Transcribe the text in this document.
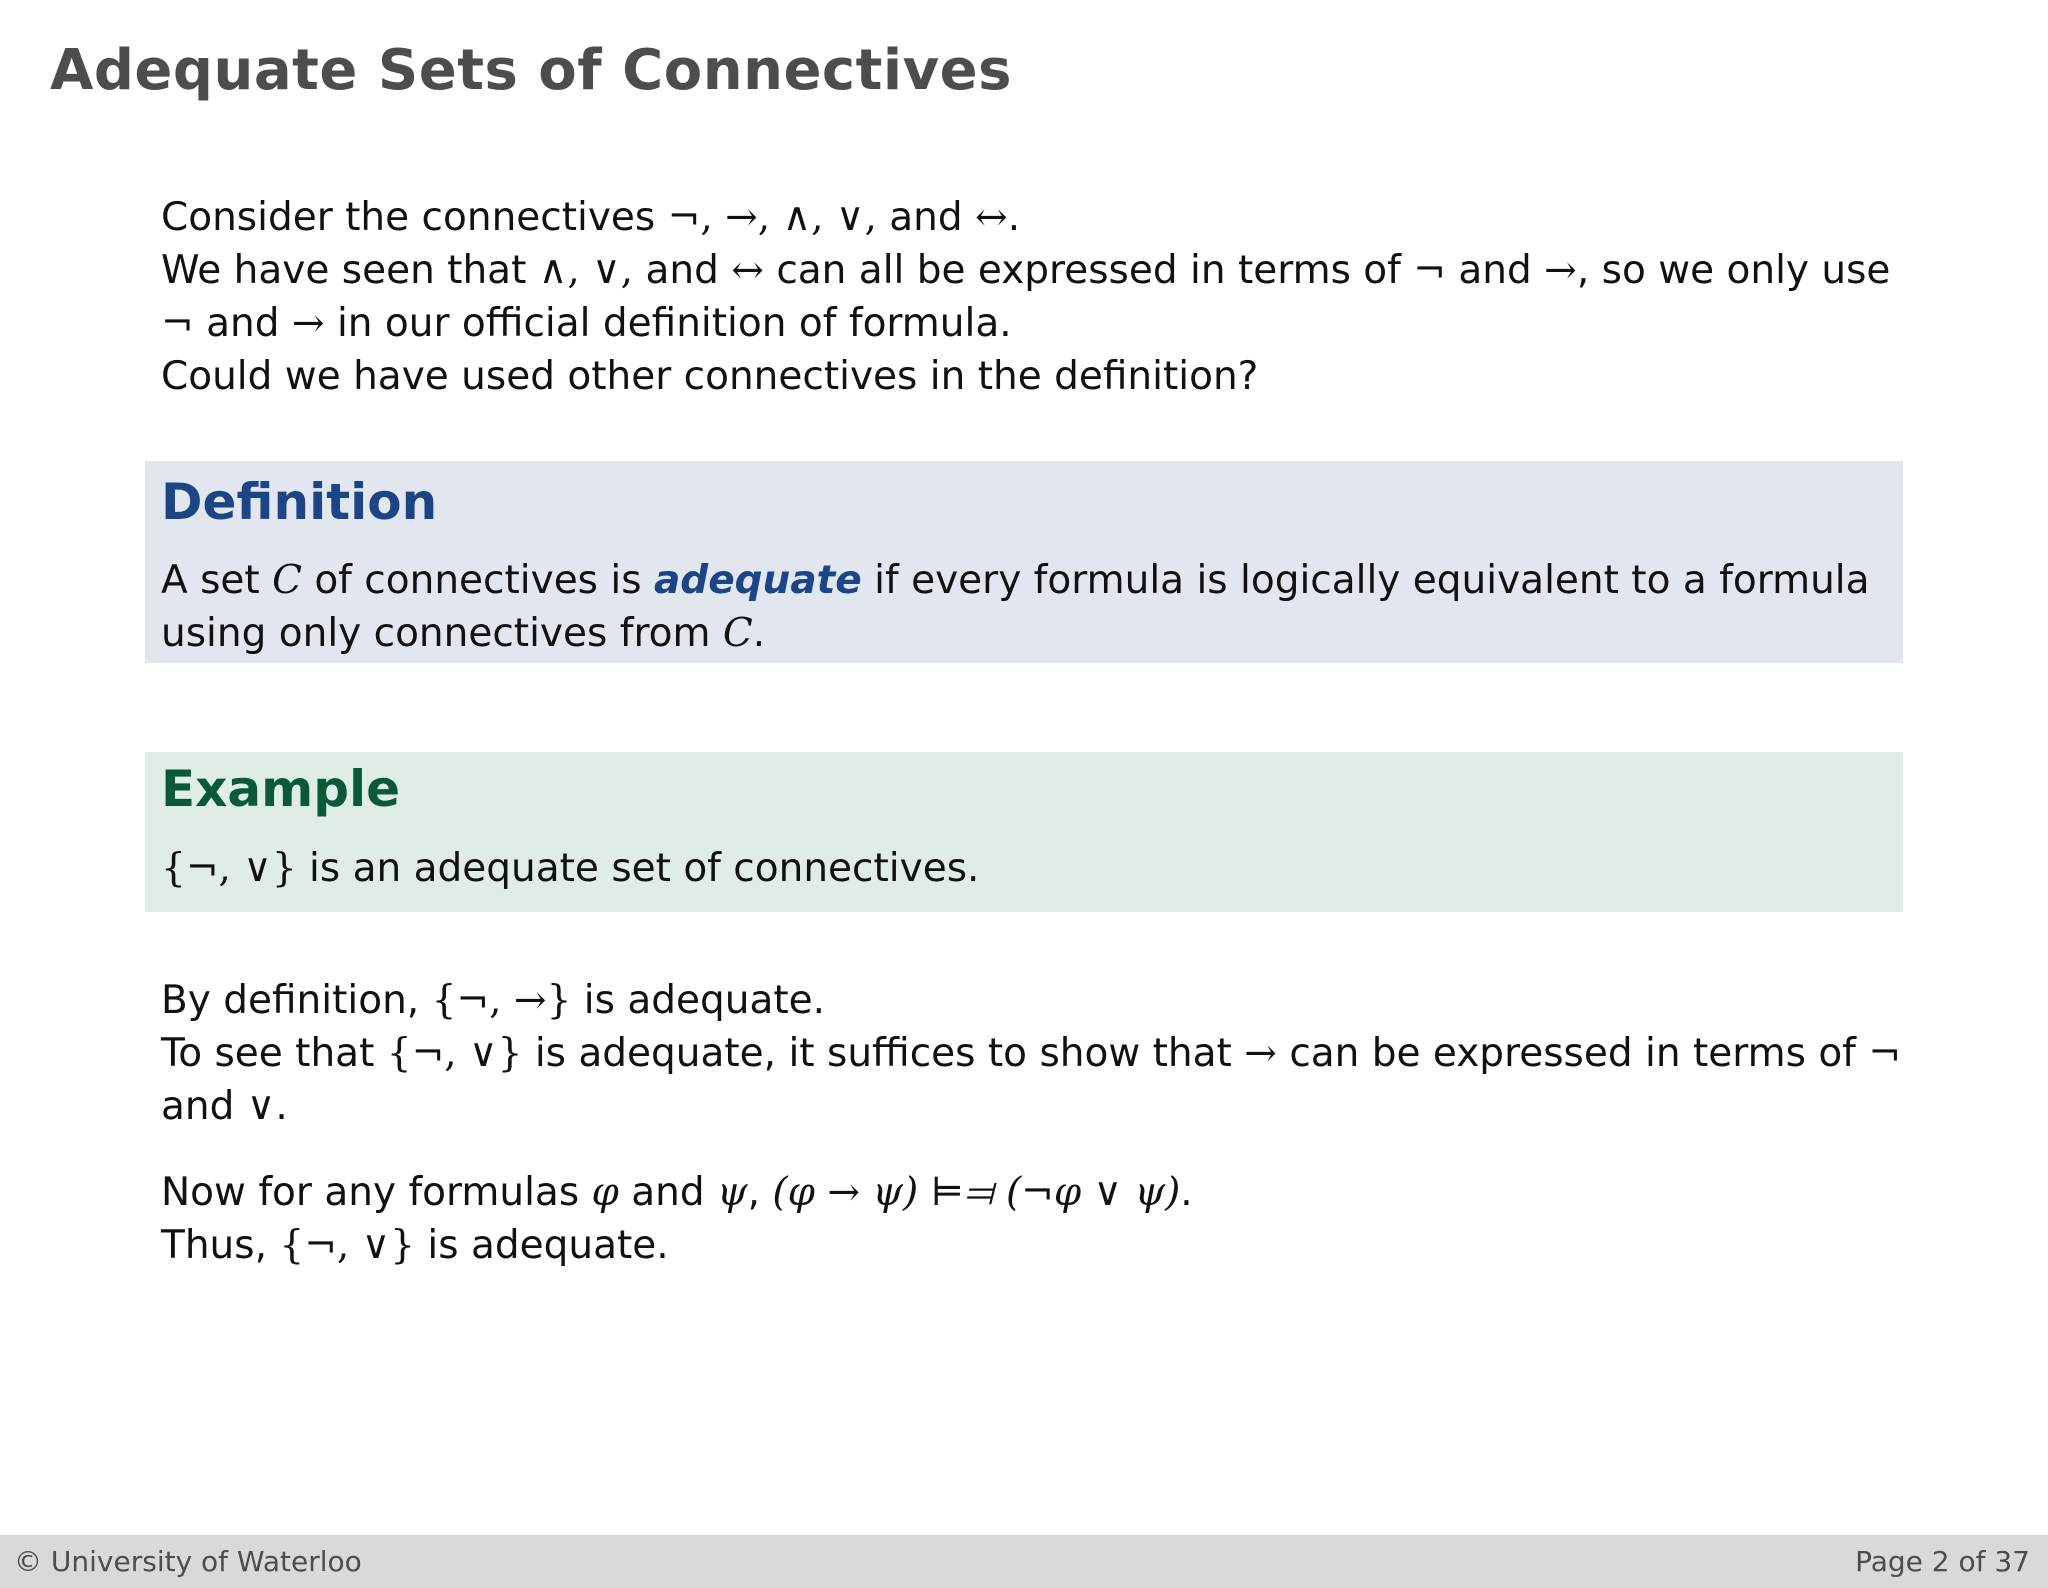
Adequate Sets of Connectives

Consider the connectives ¬, →, ∧, ∨, and ↔.

We have seen that ∧, ∨, and ↔ can all be expressed in terms of ¬ and →, so we only use ¬ and → in our official definition of formula.

Could we have used other connectives in the definition?

Definition

A set C of connectives is adequate if every formula is logically equivalent to a formula using only connectives from C.

Example

{¬, ∨} is an adequate set of connectives.

By definition, {¬, →} is adequate.

To see that {¬, ∨} is adequate, it suffices to show that → can be expressed in terms of ¬ and ∨.

Now for any formulas φ and ψ, (φ → ψ) ⊨⫤ (¬φ ∨ ψ).

Thus, {¬, ∨} is adequate.

© University of Waterloo	Page 2 of 37
